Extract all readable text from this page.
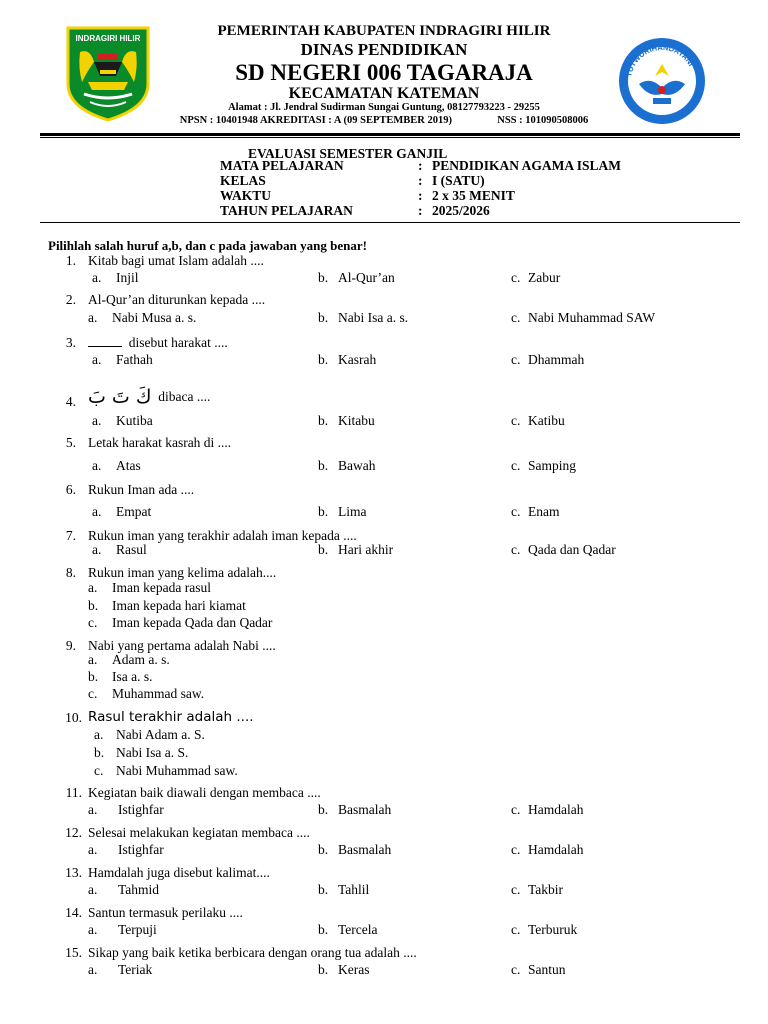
INDRAGIRI HILIR
TUTWURIHANDAYANI
PEMERINTAH KABUPATEN INDRAGIRI HILIR
DINAS PENDIDIKAN
SD NEGERI 006 TAGARAJA
KECAMATAN KATEMAN
Alamat : Jl. Jendral Sudirman Sungai Guntung, 08127793223 - 29255
NPSN : 10401948 AKREDITASI : A (09 SEPTEMBER 2019)	NSS : 101090508006
EVALUASI SEMESTER GANJIL
MATA PELAJARAN	: PENDIDIKAN AGAMA ISLAM
KELAS	: I (SATU)
WAKTU	: 2 x 35 MENIT
TAHUN PELAJARAN	: 2025/2026
Pilihlah salah huruf a,b, dan c pada jawaban yang benar!
1. Kitab bagi umat Islam adalah ....
a.	Injil	b. Al-Qur’an	c. Zabur
2. Al-Qur’an diturunkan kepada ....
a.	Nabi Musa a. s.	b. Nabi Isa a. s.	c. Nabi Muhammad SAW
3.	disebut harakat ....
a.	Fathah	b. Kasrah	c. Dhammah
4. كَ تَ بَ dibaca ....
a.	Kutiba	b. Kitabu	c. Katibu
5. Letak harakat kasrah di ....
a.	Atas	b. Bawah	c. Samping
6. Rukun Iman ada ....
a.	Empat	b. Lima	c. Enam
7. Rukun iman yang terakhir adalah iman kepada ....
a.	Rasul	b. Hari akhir	c. Qada dan Qadar
8. Rukun iman yang kelima adalah....
a.	Iman kepada rasul
b.	Iman kepada hari kiamat
c.	Iman kepada Qada dan Qadar
9. Nabi yang pertama adalah Nabi ....
a.	Adam a. s.
b.	Isa a. s.
c.	Muhammad saw.
10. Rasul terakhir adalah ....
a. Nabi Adam a. S.
b. Nabi Isa a. S.
c. Nabi Muhammad saw.
11. Kegiatan baik diawali dengan membaca ....
a.	Istighfar	b. Basmalah	c. Hamdalah
12. Selesai melakukan kegiatan membaca ....
a.	Istighfar	b. Basmalah	c. Hamdalah
13. Hamdalah juga disebut kalimat....
a.	Tahmid	b. Tahlil	c. Takbir
14. Santun termasuk perilaku ....
a.	Terpuji	b. Tercela	c. Terburuk
15. Sikap yang baik ketika berbicara dengan orang tua adalah ....
a.	Teriak	b. Keras	c. Santun
